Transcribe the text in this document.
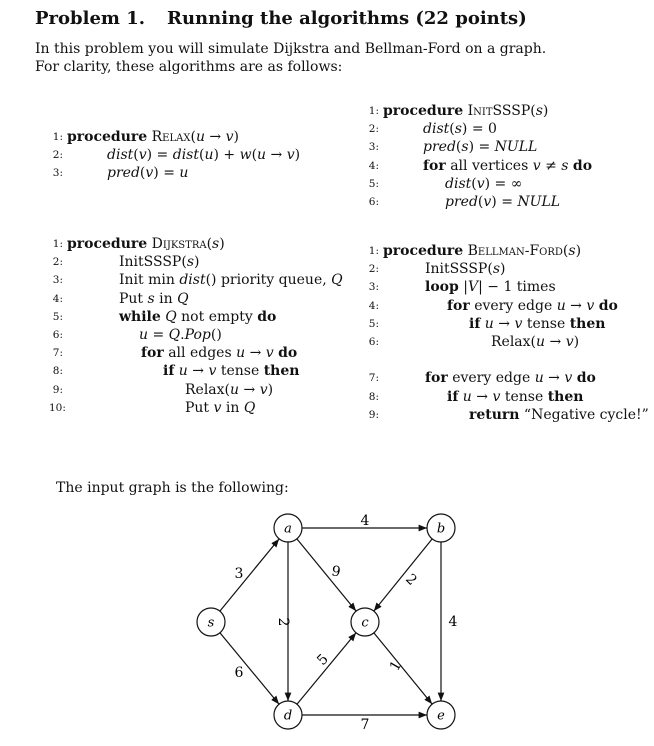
Problem 1. Running the algorithms (22 points)
In this problem you will simulate Dijkstra and Bellman-Ford on a graph.
For clarity, these algorithms are as follows:
1: procedure Relax(u → v)
2:	dist(v) = dist(u) + w(u → v)
3:	pred(v) = u
1: procedure InitSSSP(s)
2:	dist(s) = 0
3:	pred(s) = NULL
4:	for all vertices v ≠ s do
5:	dist(v) = ∞
6:	pred(v) = NULL
1: procedure Dijkstra(s)
2:	InitSSSP(s)
3:	Init min dist() priority queue, Q
4:	Put s in Q
5:	while Q not empty do
6:	u = Q.Pop()
7:	for all edges u → v do
8:	if u → v tense then
9:	Relax(u → v)
10:	Put v in Q
1: procedure Bellman-Ford(s)
2:	InitSSSP(s)
3:	loop |V| − 1 times
4:	for every edge u → v do
5:	if u → v tense then
6:	Relax(u → v)
7:	for every edge u → v do
8:	if u → v tense then
9:	return “Negative cycle!”
The input graph is the following:
3
6
4
9
2
2
4
5	1
7
s
a	b
c
d	e
